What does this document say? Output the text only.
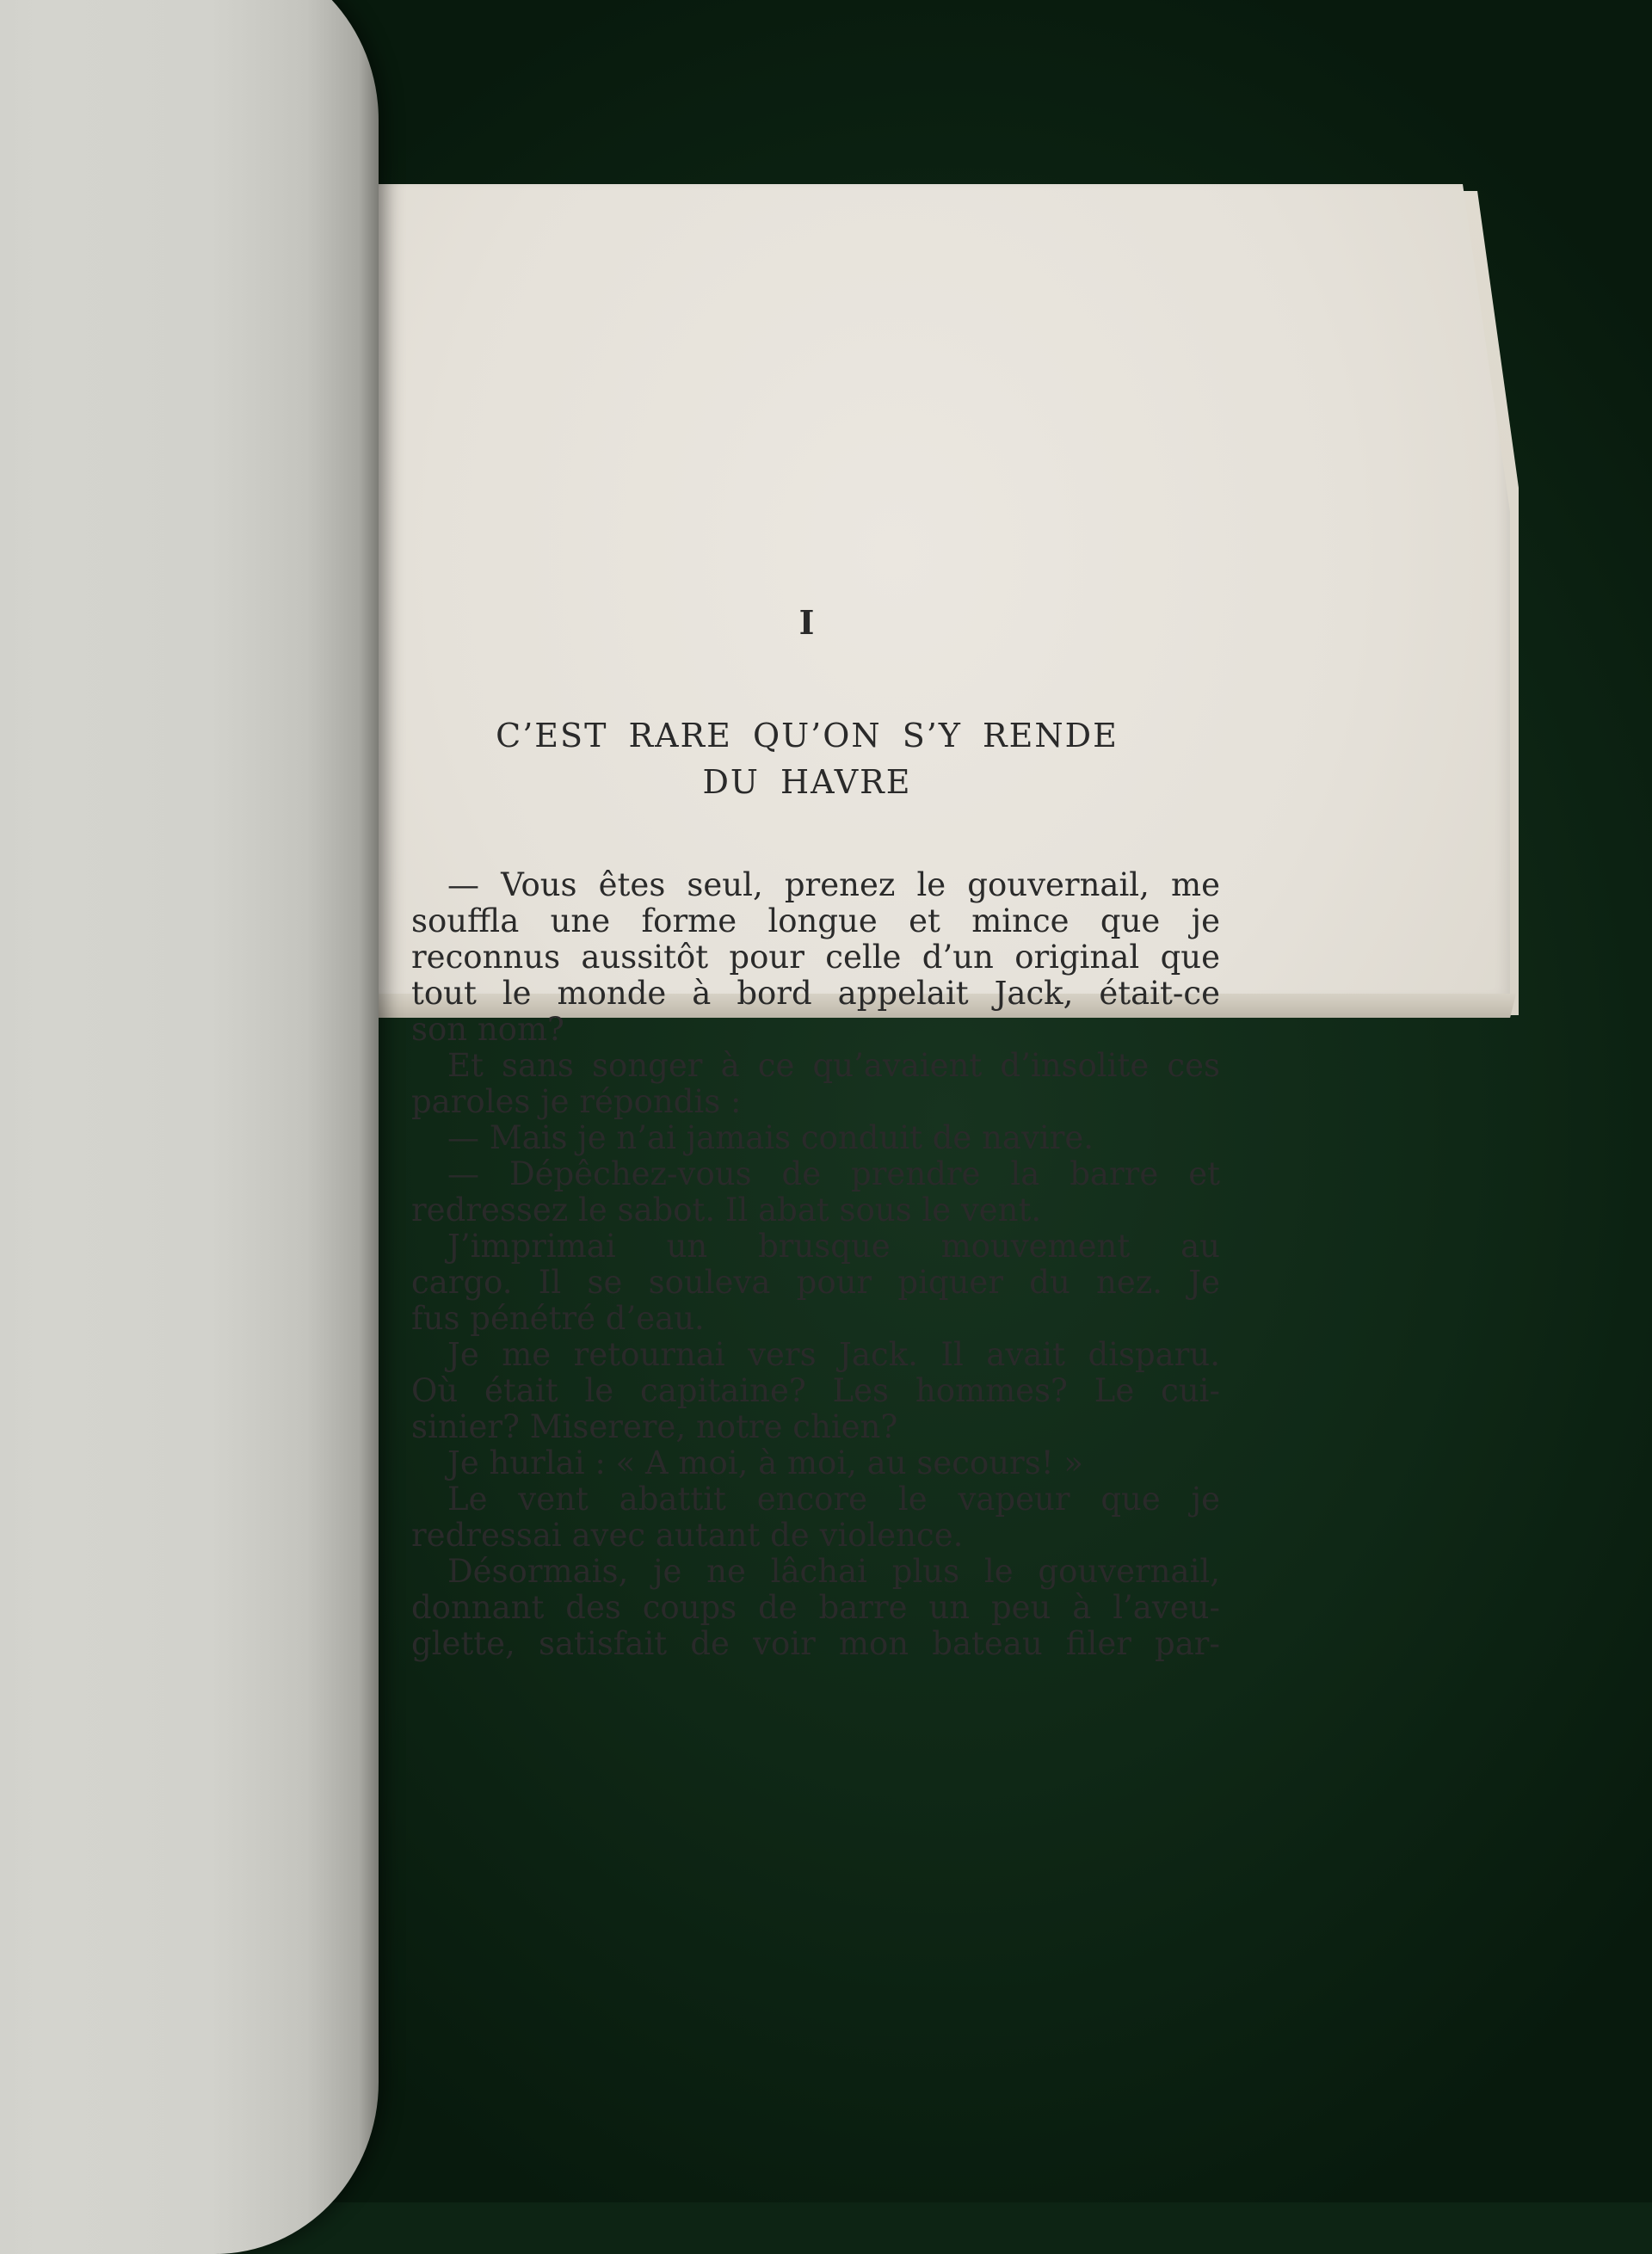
I
C’EST RARE QU’ON S’Y RENDE
DU HAVRE
— Vous êtes seul, prenez le gouvernail, me
souffla une forme longue et mince que je
reconnus aussitôt pour celle d’un original que
tout le monde à bord appelait Jack, était-ce
son nom?
Et sans songer à ce qu’avaient d’insolite ces
paroles je répondis :
— Mais je n’ai jamais conduit de navire.
— Dépêchez-vous de prendre la barre et
redressez le sabot. Il abat sous le vent.
J’imprimai un brusque mouvement au
cargo. Il se souleva pour piquer du nez. Je
fus pénétré d’eau.
Je me retournai vers Jack. Il avait disparu.
Où était le capitaine? Les hommes? Le cui-
sinier? Miserere, notre chien?
Je hurlai : « A moi, à moi, au secours! »
Le vent abattit encore le vapeur que je
redressai avec autant de violence.
Désormais, je ne lâchai plus le gouvernail,
donnant des coups de barre un peu à l’aveu-
glette, satisfait de voir mon bateau filer par-
